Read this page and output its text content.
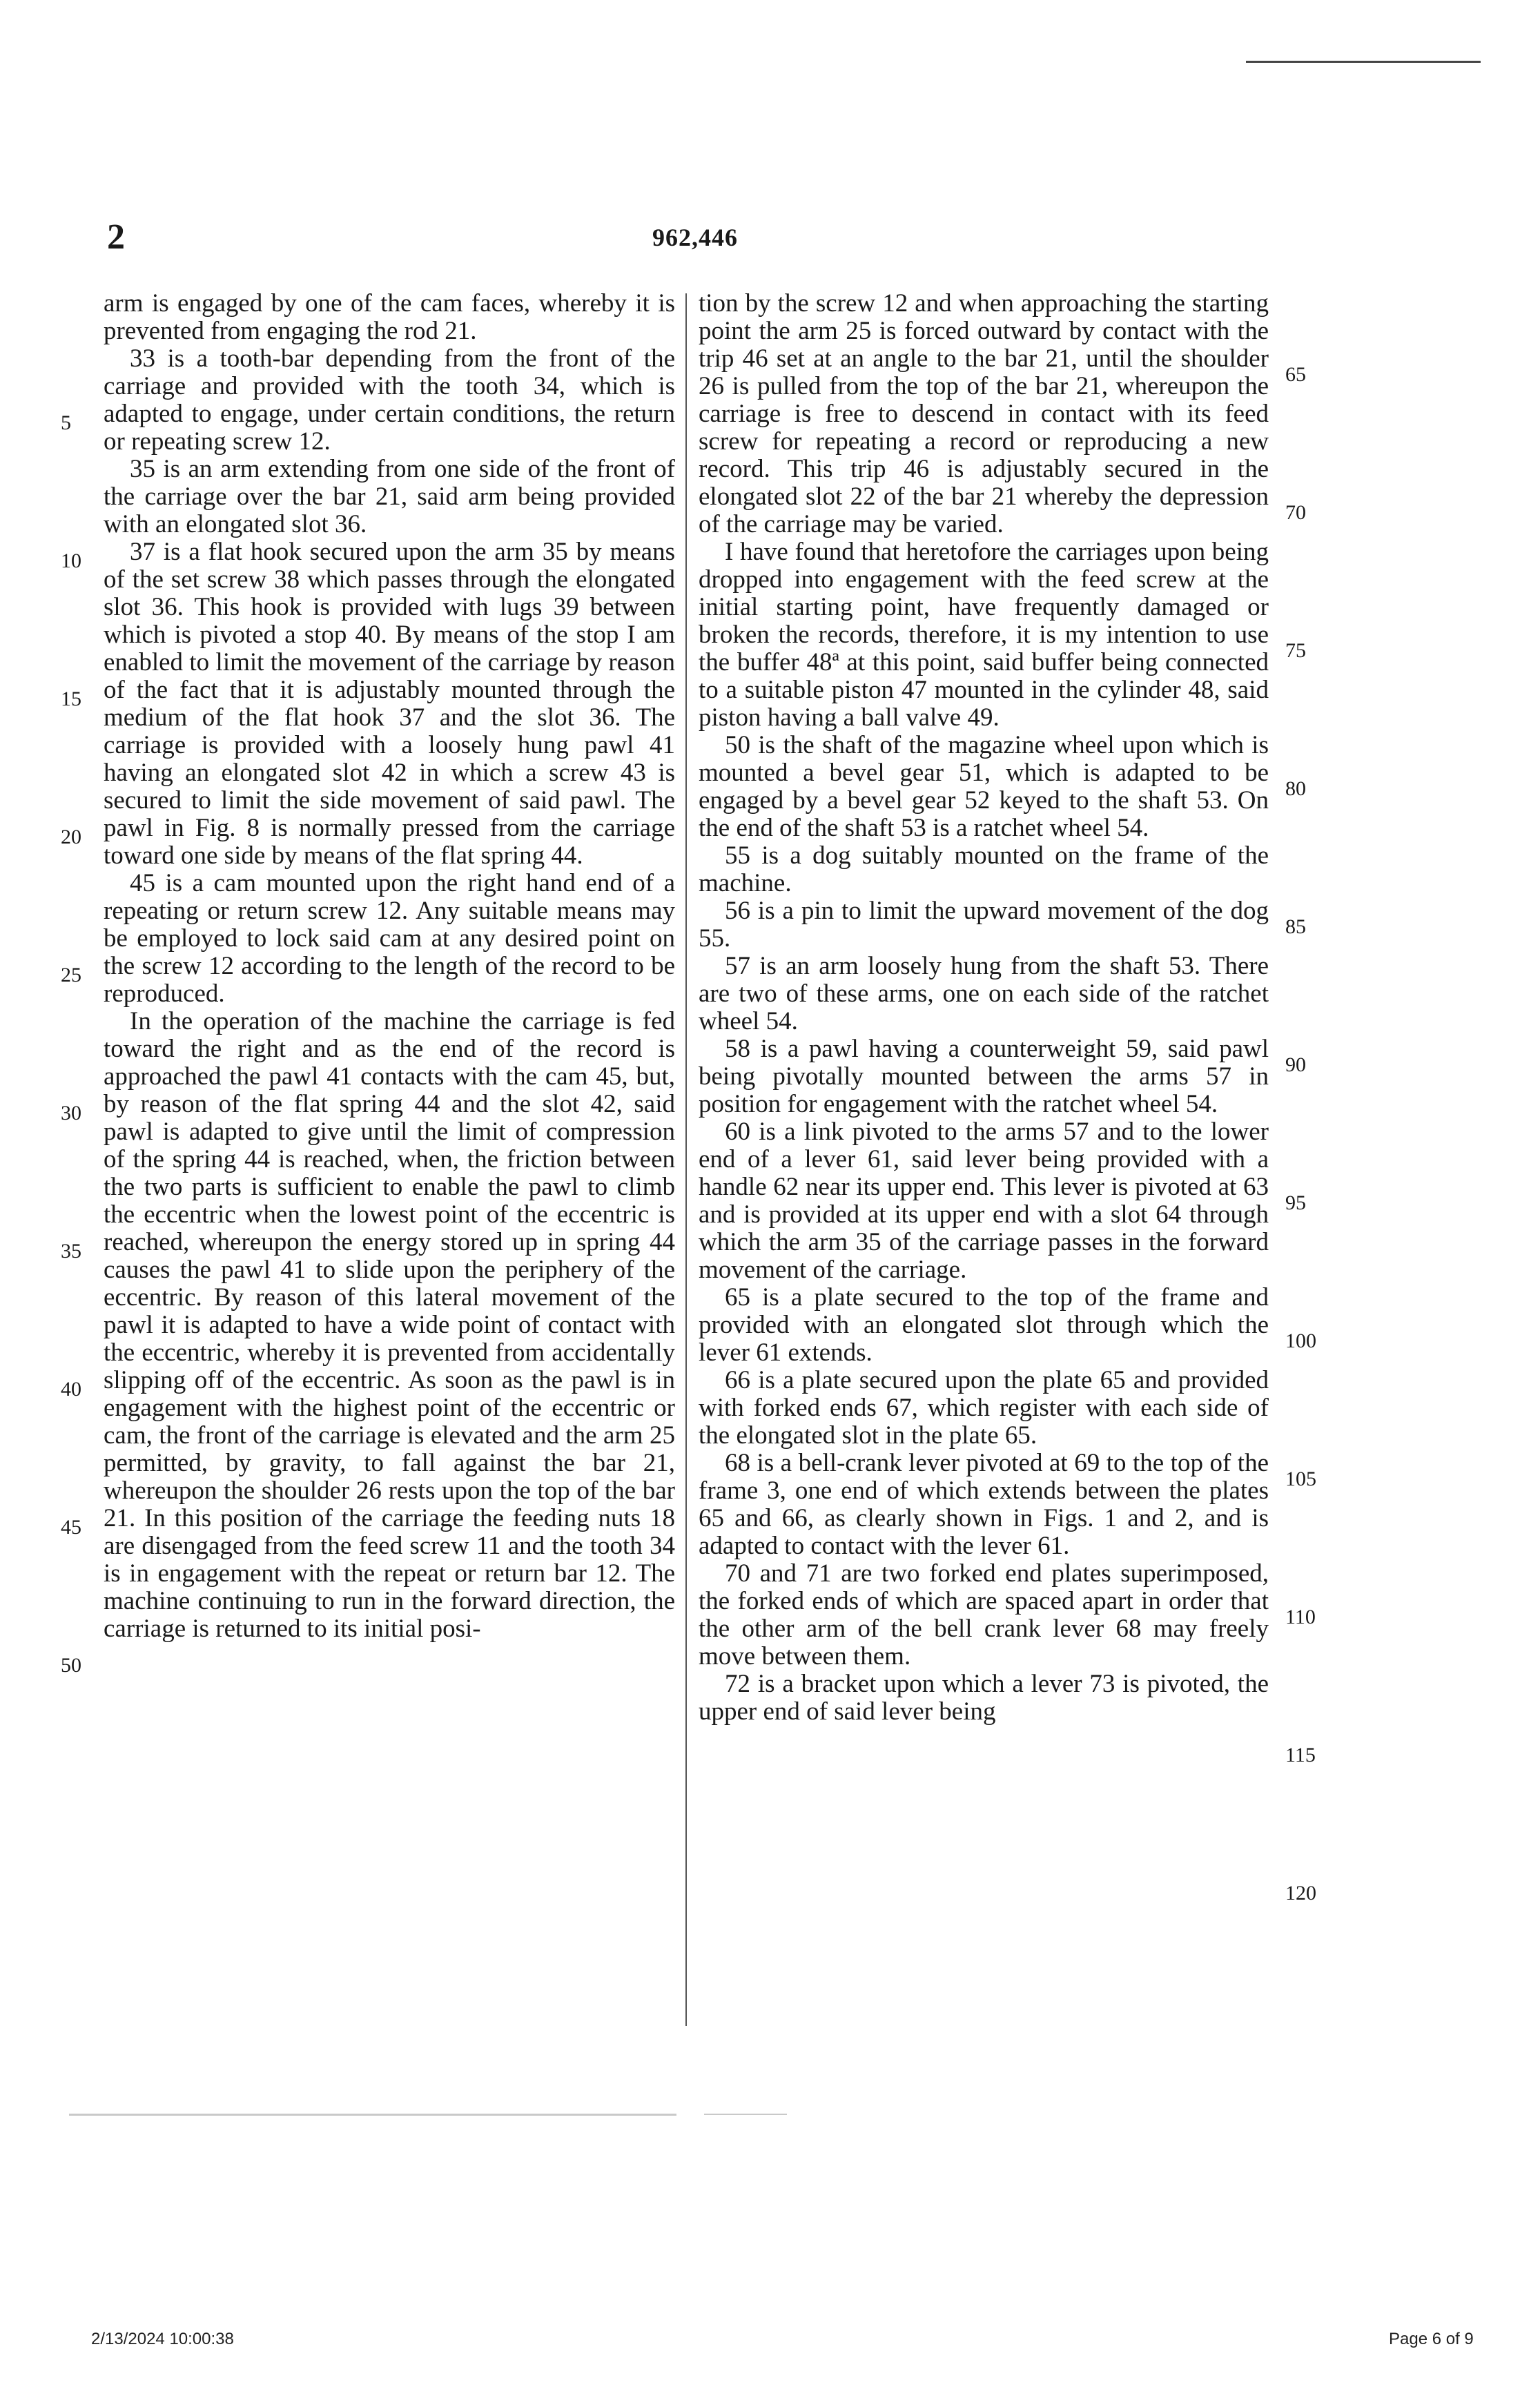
2	962,446

arm is engaged by one of the cam faces, whereby it is prevented from engaging the rod 21.

33 is a tooth-bar depending from the front of the carriage and provided with the tooth 34, which is adapted to engage, under certain conditions, the return or repeating screw 12.

35 is an arm extending from one side of the front of the carriage over the bar 21, said arm being provided with an elongated slot 36.

37 is a flat hook secured upon the arm 35 by means of the set screw 38 which passes through the elongated slot 36. This hook is provided with lugs 39 between which is pivoted a stop 40. By means of the stop I am enabled to limit the movement of the carriage by reason of the fact that it is adjustably mounted through the medium of the flat hook 37 and the slot 36. The carriage is provided with a loosely hung pawl 41 having an elongated slot 42 in which a screw 43 is secured to limit the side movement of said pawl. The pawl in Fig. 8 is normally pressed from the carriage toward one side by means of the flat spring 44.

45 is a cam mounted upon the right hand end of a repeating or return screw 12. Any suitable means may be employed to lock said cam at any desired point on the screw 12 according to the length of the record to be reproduced.

In the operation of the machine the carriage is fed toward the right and as the end of the record is approached the pawl 41 contacts with the cam 45, but, by reason of the flat spring 44 and the slot 42, said pawl is adapted to give until the limit of compression of the spring 44 is reached, when, the friction between the two parts is sufficient to enable the pawl to climb the eccentric when the lowest point of the eccentric is reached, whereupon the energy stored up in spring 44 causes the pawl 41 to slide upon the periphery of the eccentric. By reason of this lateral movement of the pawl it is adapted to have a wide point of contact with the eccentric, whereby it is prevented from accidentally slipping off of the eccentric. As soon as the pawl is in engagement with the highest point of the eccentric or cam, the front of the carriage is elevated and the arm 25 permitted, by gravity, to fall against the bar 21, whereupon the shoulder 26 rests upon the top of the bar 21. In this position of the carriage the feeding nuts 18 are disengaged from the feed screw 11 and the tooth 34 is in engagement with the repeat or return bar 12. The machine continuing to run in the forward direction, the carriage is returned to its initial posi-

tion by the screw 12 and when approaching the starting point the arm 25 is forced outward by contact with the trip 46 set at an angle to the bar 21, until the shoulder 26 is pulled from the top of the bar 21, whereupon the carriage is free to descend in contact with its feed screw for repeating a record or reproducing a new record. This trip 46 is adjustably secured in the elongated slot 22 of the bar 21 whereby the depression of the carriage may be varied.

I have found that heretofore the carriages upon being dropped into engagement with the feed screw at the initial starting point, have frequently damaged or broken the records, therefore, it is my intention to use the buffer 48ª at this point, said buffer being connected to a suitable piston 47 mounted in the cylinder 48, said piston having a ball valve 49.

50 is the shaft of the magazine wheel upon which is mounted a bevel gear 51, which is adapted to be engaged by a bevel gear 52 keyed to the shaft 53. On the end of the shaft 53 is a ratchet wheel 54.

55 is a dog suitably mounted on the frame of the machine.

56 is a pin to limit the upward movement of the dog 55.

57 is an arm loosely hung from the shaft 53. There are two of these arms, one on each side of the ratchet wheel 54.

58 is a pawl having a counterweight 59, said pawl being pivotally mounted between the arms 57 in position for engagement with the ratchet wheel 54.

60 is a link pivoted to the arms 57 and to the lower end of a lever 61, said lever being provided with a handle 62 near its upper end. This lever is pivoted at 63 and is provided at its upper end with a slot 64 through which the arm 35 of the carriage passes in the forward movement of the carriage.

65 is a plate secured to the top of the frame and provided with an elongated slot through which the lever 61 extends.

66 is a plate secured upon the plate 65 and provided with forked ends 67, which register with each side of the elongated slot in the plate 65.

68 is a bell-crank lever pivoted at 69 to the top of the frame 3, one end of which extends between the plates 65 and 66, as clearly shown in Figs. 1 and 2, and is adapted to contact with the lever 61.

70 and 71 are two forked end plates superimposed, the forked ends of which are spaced apart in order that the other arm of the bell crank lever 68 may freely move between them.

72 is a bracket upon which a lever 73 is pivoted, the upper end of said lever being

5
10
15
20
25
30
35
40
45
50
65
70
75
80
85
90
95
100
105
110
115
120
2/13/2024 10:00:38	Page 6 of 9
